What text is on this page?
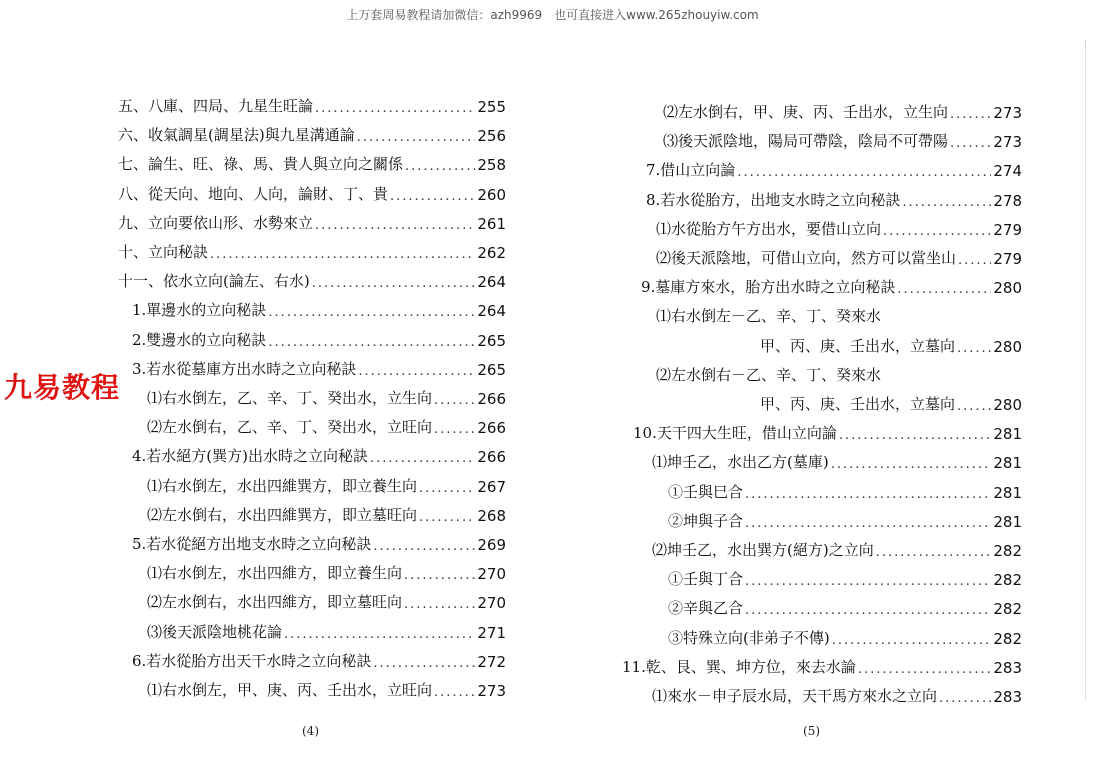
上万套周易教程请加微信：azh9969　也可直接进入www.265zhouyiw.com
五、八庫、四局、九星生旺論 .....	255
六、收氣調星(調星法)與九星溝通論 .....	256
七、論生、旺、祿、馬、貴人與立向之關係 .....	258
八、從天向、地向、人向，論財、丁、貴 .....	260
九、立向要依山形、水勢來立 .....	261
十、立向秘訣 .....	262
十一、依水立向(論左、右水) .....	264
1.單邊水的立向秘訣 .....	264
2.雙邊水的立向秘訣 .....	265
3.若水從墓庫方出水時之立向秘訣 .....	265
⑴右水倒左，乙、辛、丁、癸出水，立生向 .....	266
⑵左水倒右，乙、辛、丁、癸出水，立旺向 .....	266
4.若水絕方(巽方)出水時之立向秘訣 .....	266
⑴右水倒左，水出四維巽方，即立養生向 .....	267
⑵左水倒右，水出四維巽方，即立墓旺向 .....	268
5.若水從絕方出地支水時之立向秘訣 .....	269
⑴右水倒左，水出四維方，即立養生向 .....	270
⑵左水倒右，水出四維方，即立墓旺向 .....	270
⑶後天派陰地桃花論 .....	271
6.若水從胎方出天干水時之立向秘訣 .....	272
⑴右水倒左，甲、庚、丙、壬出水，立旺向 .....	273
⑵左水倒右，甲、庚、丙、壬出水，立生向 .....	273
⑶後天派陰地，陽局可帶陰，陰局不可帶陽 .....	273
7.借山立向論 .....	274
8.若水從胎方，出地支水時之立向秘訣 .....	278
⑴水從胎方午方出水，要借山立向 .....	279
⑵後天派陰地，可借山立向，然方可以當坐山 ..... 279
9.墓庫方來水，胎方出水時之立向秘訣 .....	280
⑴右水倒左－乙、辛、丁、癸來水
甲、丙、庚、壬出水，立墓向 .....	280
⑵左水倒右－乙、辛、丁、癸來水
甲、丙、庚、壬出水，立墓向 .....	280
10.天干四大生旺，借山立向論 .....	281
⑴坤壬乙，水出乙方(墓庫) .....	281
①壬與巳合 .....	281
②坤與子合 .....	281
⑵坤壬乙，水出巽方(絕方)之立向 .....	282
①壬與丁合 .....	282
②辛與乙合 .....	282
③特殊立向(非弟子不傳) .....	282
11.乾、艮、巽、坤方位，來去水論 .....	283
⑴來水－申子辰水局，天干馬方來水之立向 .....	283
九易教程
(4)	(5)
